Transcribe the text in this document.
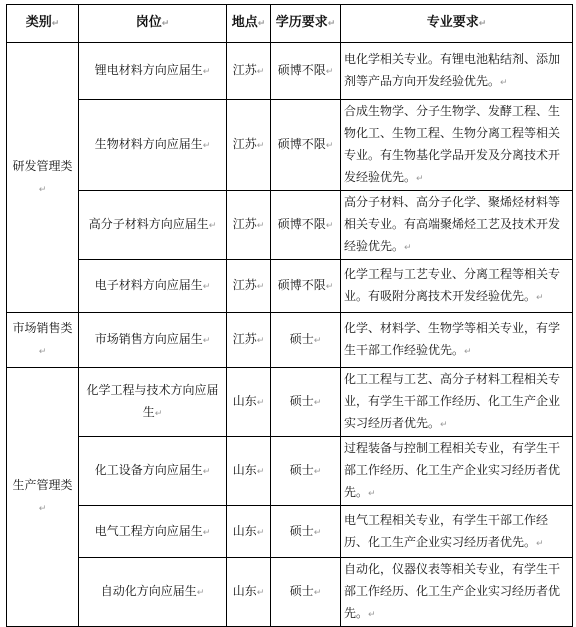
类别↵	岗位↵	地点↵	学历要求↵	专业要求↵
研发管理类↵	锂电材料方向应届生↵	江苏↵	硕博不限↵	电化学相关专业。有锂电池粘结剂、添加剂等产品方向开发经验优先。↵
	生物材料方向应届生↵	江苏↵	硕博不限↵	合成生物学、分子生物学、发酵工程、生物化工、生物工程、生物分离工程等相关专业。有生物基化学品开发及分离技术开发经验优先。↵
	高分子材料方向应届生↵	江苏↵	硕博不限↵	高分子材料、高分子化学、聚烯烃材料等相关专业。有高端聚烯烃工艺及技术开发经验优先。↵
	电子材料方向应届生↵	江苏↵	硕博不限↵	化学工程与工艺专业、分离工程等相关专业。有吸附分离技术开发经验优先。↵
市场销售类↵	市场销售方向应届生↵	江苏↵	硕士↵	化学、材料学、生物学等相关专业，有学生干部工作经验优先。↵
生产管理类↵	化学工程与技术方向应届生↵	山东↵	硕士↵	化工工程与工艺、高分子材料工程相关专业，有学生干部工作经历、化工生产企业实习经历者优先。↵
	化工设备方向应届生↵	山东↵	硕士↵	过程装备与控制工程相关专业，有学生干部工作经历、化工生产企业实习经历者优先。↵
	电气工程方向应届生↵	山东↵	硕士↵	电气工程相关专业，有学生干部工作经历、化工生产企业实习经历者优先。↵
	自动化方向应届生↵	山东↵	硕士↵	自动化，仪器仪表等相关专业，有学生干部工作经历、化工生产企业实习经历者优先。↵
